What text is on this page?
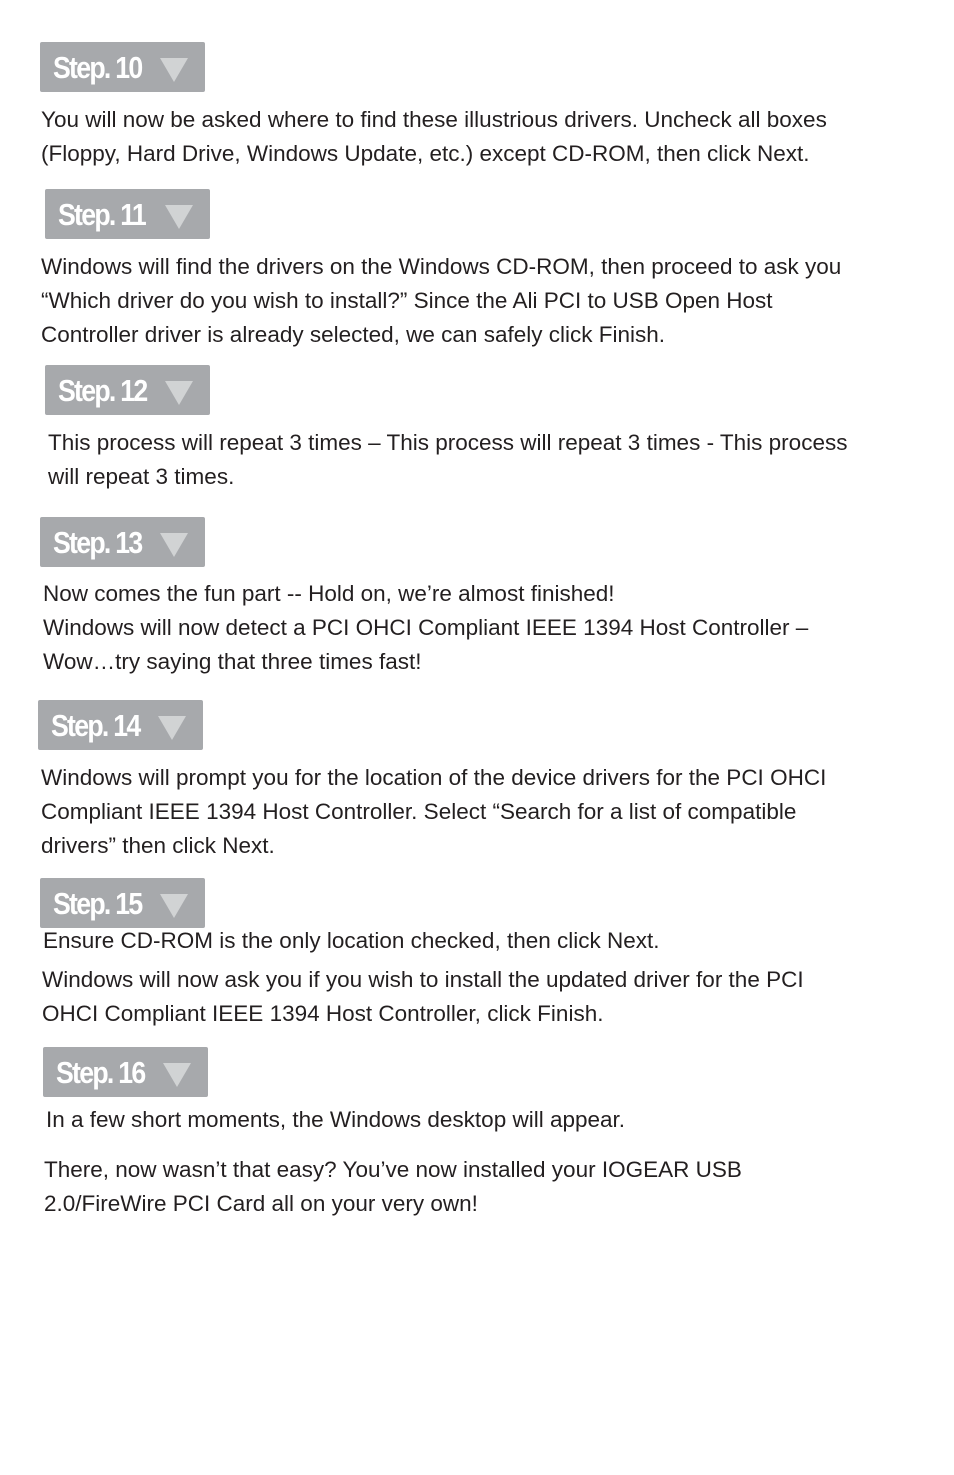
Step. 10
You will now be asked where to find these illustrious drivers. Uncheck all boxes
(Floppy, Hard Drive, Windows Update, etc.) except CD-ROM, then click Next.
Step. 11
Windows will find the drivers on the Windows CD-ROM, then proceed to ask you
“Which driver do you wish to install?” Since the Ali PCI to USB Open Host
Controller driver is already selected, we can safely click Finish.
Step. 12
This process will repeat 3 times – This process will repeat 3 times - This process
will repeat 3 times.
Step. 13
Now comes the fun part -- Hold on, we’re almost finished!
Windows will now detect a PCI OHCI Compliant IEEE 1394 Host Controller –
Wow…try saying that three times fast!
Step. 14
Windows will prompt you for the location of the device drivers for the PCI OHCI
Compliant IEEE 1394 Host Controller. Select “Search for a list of compatible
drivers” then click Next.
Step. 15
Ensure CD-ROM is the only location checked, then click Next.
Windows will now ask you if you wish to install the updated driver for the PCI
OHCI Compliant IEEE 1394 Host Controller, click Finish.
Step. 16
In a few short moments, the Windows desktop will appear.
There, now wasn’t that easy? You’ve now installed your IOGEAR USB
2.0/FireWire PCI Card all on your very own!
